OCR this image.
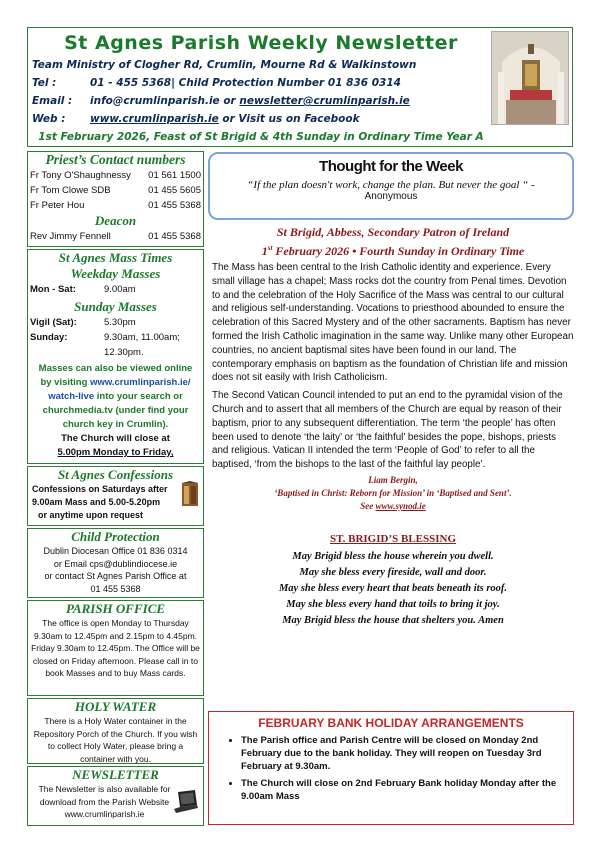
St Agnes Parish Weekly Newsletter
Team Ministry of Clogher Rd, Crumlin, Mourne Rd & Walkinstown
Tel :	01 - 455 5368| Child Protection Number 01 836 0314
Email : info@crumlinparish.ie or newsletter@crumlinparish.ie
Web : www.crumlinparish.ie or Visit us on Facebook
1st February 2026, Feast of St Brigid & 4th Sunday in Ordinary Time Year A
Priest’s Contact numbers
Fr Tony O'Shaughnessy 01 561 1500
Fr Tom Clowe SDB	01 455 5605
Fr Peter Hou	01 455 5368
Deacon
Rev Jimmy Fennell	01 455 5368
St Agnes Mass Times
Weekday Masses
Mon - Sat:	9.00am
Sunday Masses
Vigil (Sat):	5.30pm
Sunday:	9.30am, 11.00am;
12.30pm.
Masses can also be viewed online
by visiting www.crumlinparish.ie/
watch-live into your search or
churchmedia.tv (under find your
church key in Crumlin).
The Church will close at
5.00pm Monday to Friday,
St Agnes Confessions
Confessions on Saturdays after
9.00am Mass and 5.00-5.20pm
or anytime upon request
Child Protection
Dublin Diocesan Office 01 836 0314
or Email cps@dublindiocese.ie
or contact St Agnes Parish Office at
01 455 5368
PARISH OFFICE
The office is open Monday to Thursday 9.30am to 12.45pm and 2.15pm to 4.45pm. Friday 9.30am to 12.45pm. The Office will be closed on Friday afternoon. Please call in to book Masses and to buy Mass cards.
HOLY WATER
There is a Holy Water container in the Repository Porch of the Church. If you wish to collect Holy Water, please bring a container with you.
NEWSLETTER
The Newsletter is also available for download from the Parish Website www.crumlinparish.ie
Thought for the Week
“If the plan doesn't work, change the plan. But never the goal “ -
Anonymous
St Brigid, Abbess, Secondary Patron of Ireland
1st February 2026 • Fourth Sunday in Ordinary Time
The Mass has been central to the Irish Catholic identity and experience. Every small village has a chapel; Mass rocks dot the country from Penal times. Devotion to and the celebration of the Holy Sacrifice of the Mass was central to our cultural and religious self-understanding. Vocations to priesthood abounded to ensure the celebration of this Sacred Mystery and of the other sacraments. Baptism has never formed the Irish Catholic imagination in the same way. Unlike many other European countries, no ancient baptismal sites have been found in our land. The contemporary emphasis on baptism as the foundation of Christian life and mission does not sit easily with Irish Catholicism.
The Second Vatican Council intended to put an end to the pyramidal vision of the Church and to assert that all members of the Church are equal by reason of their baptism, prior to any subsequent differentiation. The term ‘the people’ has often been used to denote ‘the laity’ or ‘the faithful’ besides the pope, bishops, priests and religious. Vatican II intended the term ‘People of God’ to refer to all the baptised, ‘from the bishops to the last of the faithful lay people’.
Liam Bergin,
‘Baptised in Christ: Reborn for Mission’ in ‘Baptised and Sent’.
See www.synod.ie
ST. BRIGID’S BLESSING
May Brigid bless the house wherein you dwell.
May she bless every fireside, wall and door.
May she bless every heart that beats beneath its roof.
May she bless every hand that toils to bring it joy.
May Brigid bless the house that shelters you. Amen
FEBRUARY BANK HOLIDAY ARRANGEMENTS
• The Parish office and Parish Centre will be closed on Monday 2nd February due to the bank holiday. They will reopen on Tuesday 3rd February at 9.30am.
• The Church will close on 2nd February Bank holiday Monday after the 9.00am Mass
